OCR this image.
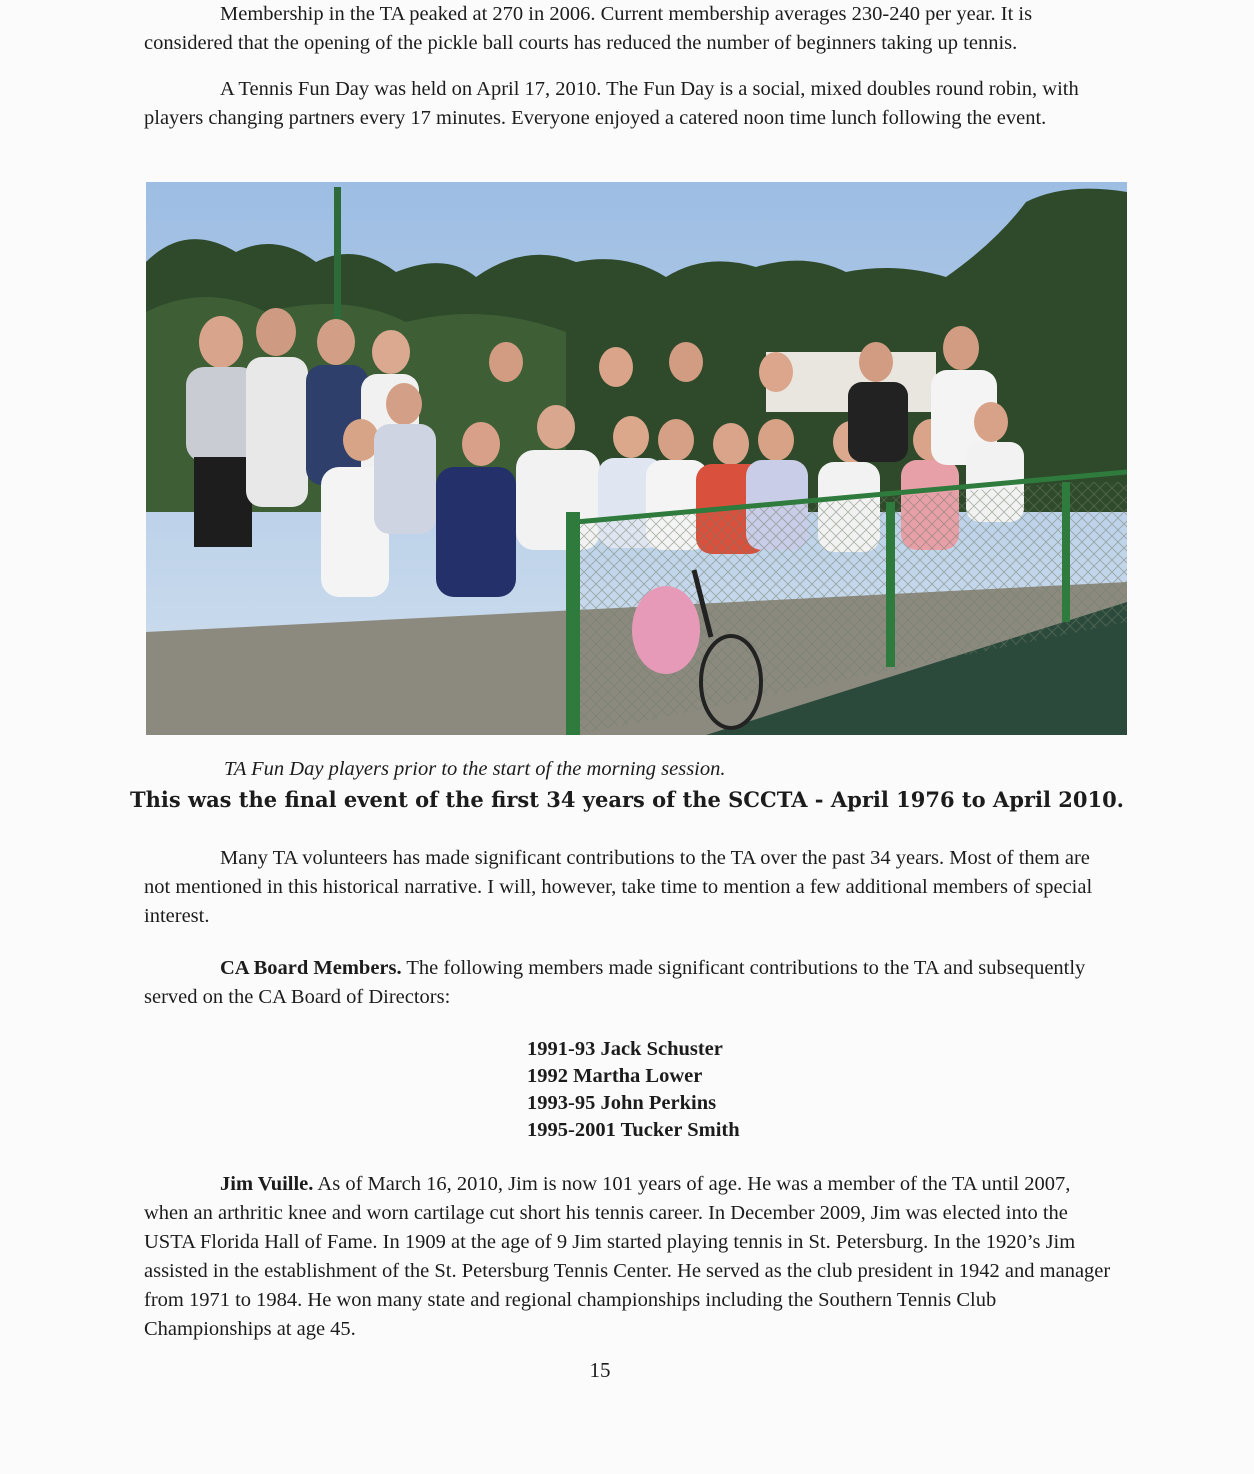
Membership in the TA peaked at 270 in 2006. Current membership averages 230-240 per year. It is considered that the opening of the pickle ball courts has reduced the number of beginners taking up tennis.

A Tennis Fun Day was held on April 17, 2010. The Fun Day is a social, mixed doubles round robin, with players changing partners every 17 minutes. Everyone enjoyed a catered noon time lunch following the event.

TA Fun Day players prior to the start of the morning session.

This was the final event of the first 34 years of the SCCTA - April 1976 to April 2010.

Many TA volunteers has made significant contributions to the TA over the past 34 years. Most of them are not mentioned in this historical narrative. I will, however, take time to mention a few additional members of special interest.

CA Board Members. The following members made significant contributions to the TA and subsequently served on the CA Board of Directors:

1991-93 Jack Schuster
1992 Martha Lower
1993-95 John Perkins
1995-2001 Tucker Smith

Jim Vuille. As of March 16, 2010, Jim is now 101 years of age. He was a member of the TA until 2007, when an arthritic knee and worn cartilage cut short his tennis career. In December 2009, Jim was elected into the USTA Florida Hall of Fame. In 1909 at the age of 9 Jim started playing tennis in St. Petersburg. In the 1920’s Jim assisted in the establishment of the St. Petersburg Tennis Center. He served as the club president in 1942 and manager from 1971 to 1984. He won many state and regional championships including the Southern Tennis Club Championships at age 45.

15
